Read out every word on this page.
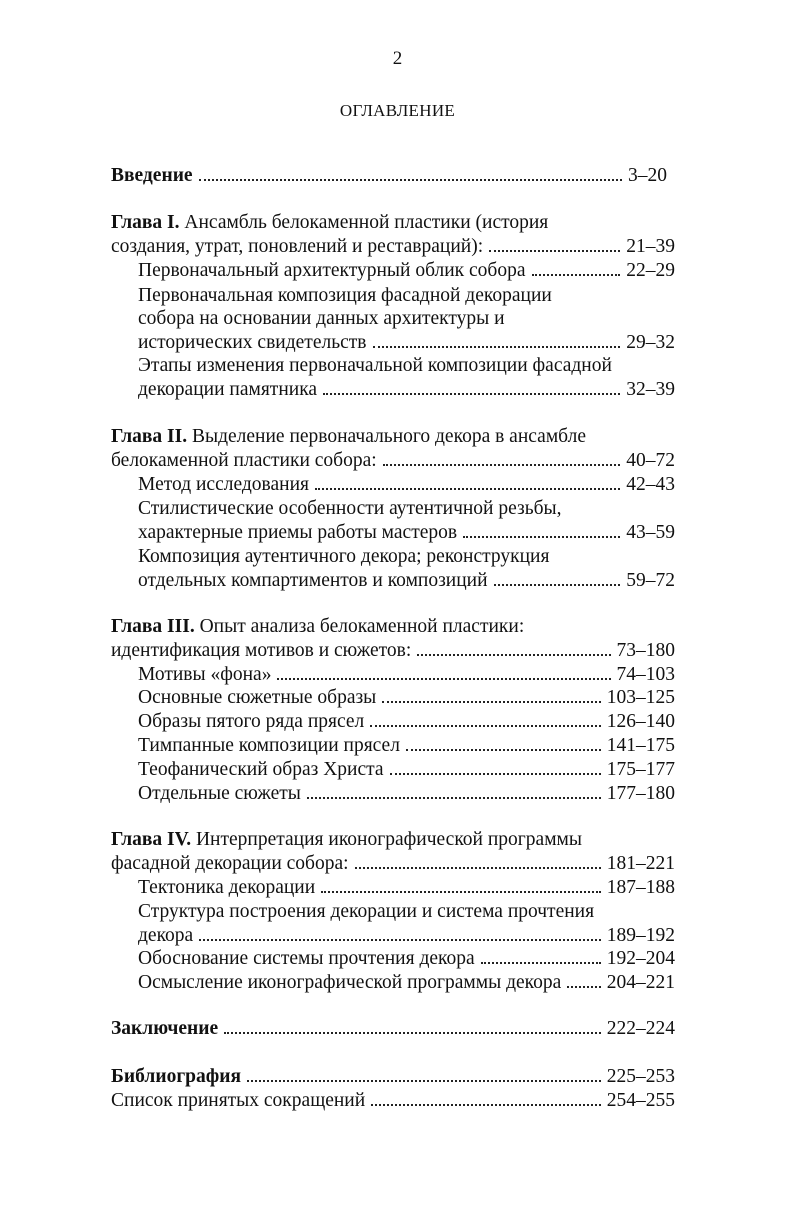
2
ОГЛАВЛЕНИЕ
Введение	3–20
Глава I. Ансамбль белокаменной пластики (история
создания, утрат, поновлений и реставраций):	21–39
Первоначальный архитектурный облик собора	22–29
Первоначальная композиция фасадной декорации
собора на основании данных архитектуры и
исторических свидетельств	29–32
Этапы изменения первоначальной композиции фасадной
декорации памятника	32–39
Глава II. Выделение первоначального декора в ансамбле
белокаменной пластики собора:	40–72
Метод исследования	42–43
Стилистические особенности аутентичной резьбы,
характерные приемы работы мастеров	43–59
Композиция аутентичного декора; реконструкция
отдельных компартиментов и композиций	59–72
Глава III. Опыт анализа белокаменной пластики:
идентификация мотивов и сюжетов:	73–180
Мотивы «фона»	74–103
Основные сюжетные образы	103–125
Образы пятого ряда прясел	126–140
Тимпанные композиции прясел	141–175
Теофанический образ Христа	175–177
Отдельные сюжеты	177–180
Глава IV. Интерпретация иконографической программы
фасадной декорации собора:	181–221
Тектоника декорации	187–188
Структура построения декорации и система прочтения
декора	189–192
Обоснование системы прочтения декора	192–204
Осмысление иконографической программы декора 204–221
Заключение	222–224
Библиография	225–253
Список принятых сокращений	254–255
